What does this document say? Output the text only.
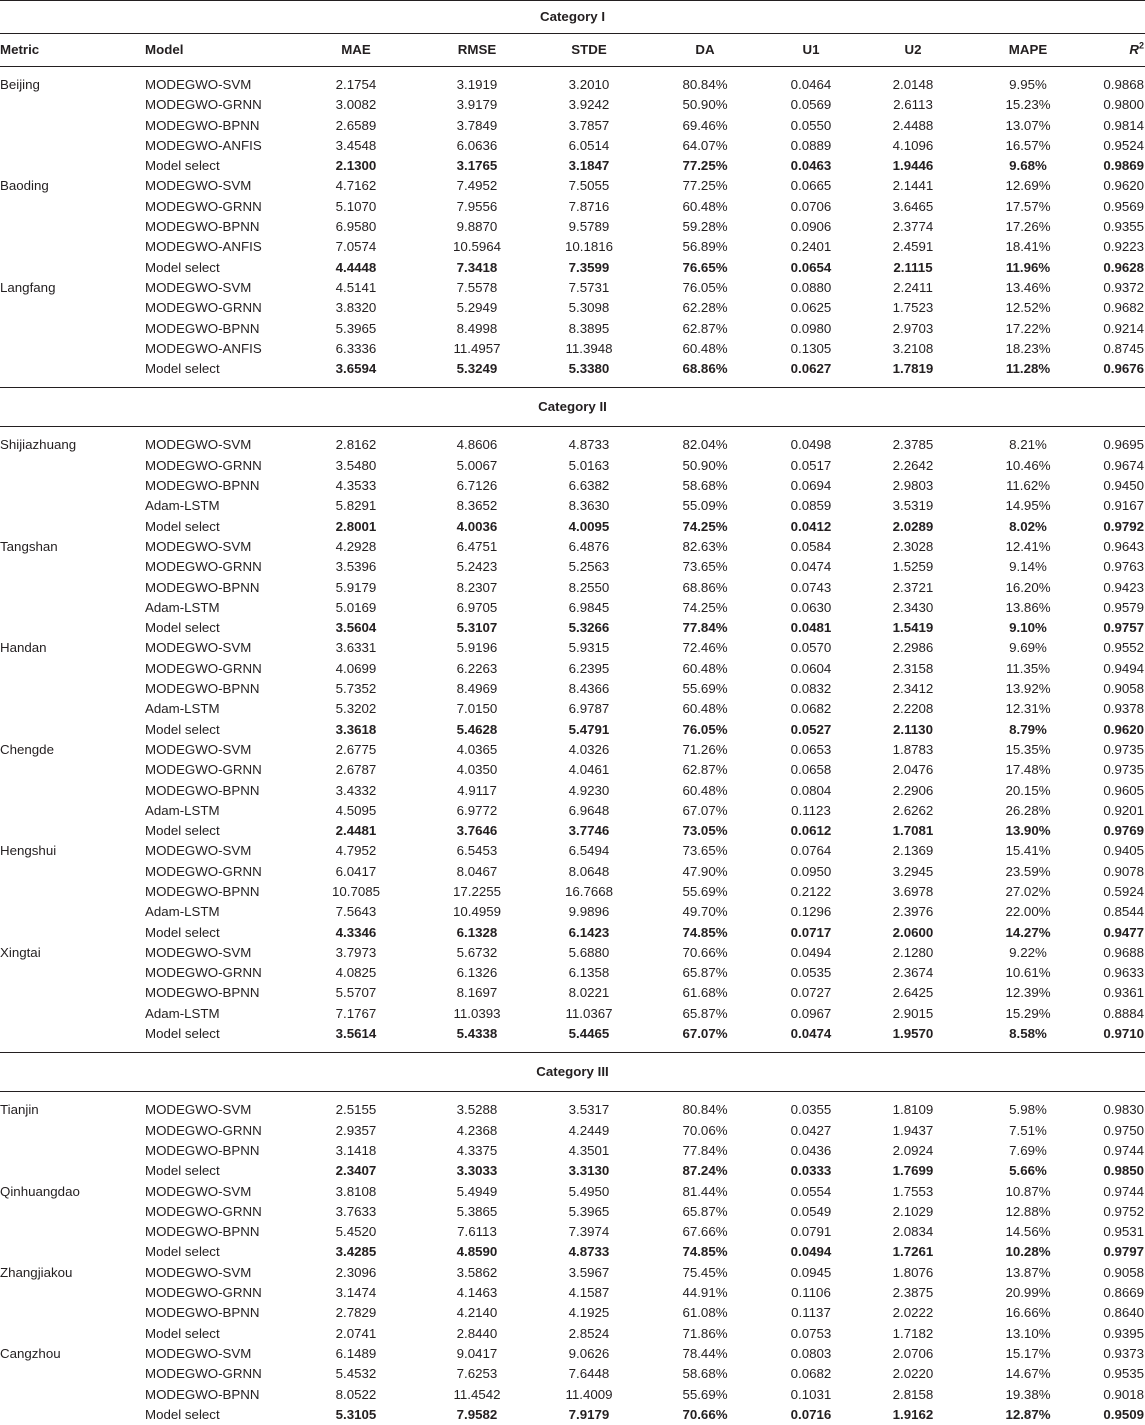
Category I									
Metric	Model	MAE	RMSE	STDE	DA	U1	U2	MAPE	$R^2$

Beijing	MODEGWO-SVM	2.1754	3.1919	3.2010	80.84%	0.0464	2.0148	9.95%	0.9868
	MODEGWO-GRNN	3.0082	3.9179	3.9242	50.90%	0.0569	2.6113	15.23%	0.9800
	MODEGWO-BPNN	2.6589	3.7849	3.7857	69.46%	0.0550	2.4488	13.07%	0.9814
	MODEGWO-ANFIS	3.4548	6.0636	6.0514	64.07%	0.0889	4.1096	16.57%	0.9524
	Model select	2.1300	3.1765	3.1847	77.25%	0.0463	1.9446	9.68%	0.9869
Baoding	MODEGWO-SVM	4.7162	7.4952	7.5055	77.25%	0.0665	2.1441	12.69%	0.9620
	MODEGWO-GRNN	5.1070	7.9556	7.8716	60.48%	0.0706	3.6465	17.57%	0.9569
	MODEGWO-BPNN	6.9580	9.8870	9.5789	59.28%	0.0906	2.3774	17.26%	0.9355
	MODEGWO-ANFIS	7.0574	10.5964	10.1816	56.89%	0.2401	2.4591	18.41%	0.9223
	Model select	4.4448	7.3418	7.3599	76.65%	0.0654	2.1115	11.96%	0.9628
Langfang	MODEGWO-SVM	4.5141	7.5578	7.5731	76.05%	0.0880	2.2411	13.46%	0.9372
	MODEGWO-GRNN	3.8320	5.2949	5.3098	62.28%	0.0625	1.7523	12.52%	0.9682
	MODEGWO-BPNN	5.3965	8.4998	8.3895	62.87%	0.0980	2.9703	17.22%	0.9214
	MODEGWO-ANFIS	6.3336	11.4957	11.3948	60.48%	0.1305	3.2108	18.23%	0.8745
	Model select	3.6594	5.3249	5.3380	68.86%	0.0627	1.7819	11.28%	0.9676

Category II									

Shijiazhuang	MODEGWO-SVM	2.8162	4.8606	4.8733	82.04%	0.0498	2.3785	8.21%	0.9695
	MODEGWO-GRNN	3.5480	5.0067	5.0163	50.90%	0.0517	2.2642	10.46%	0.9674
	MODEGWO-BPNN	4.3533	6.7126	6.6382	58.68%	0.0694	2.9803	11.62%	0.9450
	Adam-LSTM	5.8291	8.3652	8.3630	55.09%	0.0859	3.5319	14.95%	0.9167
	Model select	2.8001	4.0036	4.0095	74.25%	0.0412	2.0289	8.02%	0.9792
Tangshan	MODEGWO-SVM	4.2928	6.4751	6.4876	82.63%	0.0584	2.3028	12.41%	0.9643
	MODEGWO-GRNN	3.5396	5.2423	5.2563	73.65%	0.0474	1.5259	9.14%	0.9763
	MODEGWO-BPNN	5.9179	8.2307	8.2550	68.86%	0.0743	2.3721	16.20%	0.9423
	Adam-LSTM	5.0169	6.9705	6.9845	74.25%	0.0630	2.3430	13.86%	0.9579
	Model select	3.5604	5.3107	5.3266	77.84%	0.0481	1.5419	9.10%	0.9757
Handan	MODEGWO-SVM	3.6331	5.9196	5.9315	72.46%	0.0570	2.2986	9.69%	0.9552
	MODEGWO-GRNN	4.0699	6.2263	6.2395	60.48%	0.0604	2.3158	11.35%	0.9494
	MODEGWO-BPNN	5.7352	8.4969	8.4366	55.69%	0.0832	2.3412	13.92%	0.9058
	Adam-LSTM	5.3202	7.0150	6.9787	60.48%	0.0682	2.2208	12.31%	0.9378
	Model select	3.3618	5.4628	5.4791	76.05%	0.0527	2.1130	8.79%	0.9620
Chengde	MODEGWO-SVM	2.6775	4.0365	4.0326	71.26%	0.0653	1.8783	15.35%	0.9735
	MODEGWO-GRNN	2.6787	4.0350	4.0461	62.87%	0.0658	2.0476	17.48%	0.9735
	MODEGWO-BPNN	3.4332	4.9117	4.9230	60.48%	0.0804	2.2906	20.15%	0.9605
	Adam-LSTM	4.5095	6.9772	6.9648	67.07%	0.1123	2.6262	26.28%	0.9201
	Model select	2.4481	3.7646	3.7746	73.05%	0.0612	1.7081	13.90%	0.9769
Hengshui	MODEGWO-SVM	4.7952	6.5453	6.5494	73.65%	0.0764	2.1369	15.41%	0.9405
	MODEGWO-GRNN	6.0417	8.0467	8.0648	47.90%	0.0950	3.2945	23.59%	0.9078
	MODEGWO-BPNN	10.7085	17.2255	16.7668	55.69%	0.2122	3.6978	27.02%	0.5924
	Adam-LSTM	7.5643	10.4959	9.9896	49.70%	0.1296	2.3976	22.00%	0.8544
	Model select	4.3346	6.1328	6.1423	74.85%	0.0717	2.0600	14.27%	0.9477
Xingtai	MODEGWO-SVM	3.7973	5.6732	5.6880	70.66%	0.0494	2.1280	9.22%	0.9688
	MODEGWO-GRNN	4.0825	6.1326	6.1358	65.87%	0.0535	2.3674	10.61%	0.9633
	MODEGWO-BPNN	5.5707	8.1697	8.0221	61.68%	0.0727	2.6425	12.39%	0.9361
	Adam-LSTM	7.1767	11.0393	11.0367	65.87%	0.0967	2.9015	15.29%	0.8884
	Model select	3.5614	5.4338	5.4465	67.07%	0.0474	1.9570	8.58%	0.9710

Category III									

Tianjin	MODEGWO-SVM	2.5155	3.5288	3.5317	80.84%	0.0355	1.8109	5.98%	0.9830
	MODEGWO-GRNN	2.9357	4.2368	4.2449	70.06%	0.0427	1.9437	7.51%	0.9750
	MODEGWO-BPNN	3.1418	4.3375	4.3501	77.84%	0.0436	2.0924	7.69%	0.9744
	Model select	2.3407	3.3033	3.3130	87.24%	0.0333	1.7699	5.66%	0.9850
Qinhuangdao	MODEGWO-SVM	3.8108	5.4949	5.4950	81.44%	0.0554	1.7553	10.87%	0.9744
	MODEGWO-GRNN	3.7633	5.3865	5.3965	65.87%	0.0549	2.1029	12.88%	0.9752
	MODEGWO-BPNN	5.4520	7.6113	7.3974	67.66%	0.0791	2.0834	14.56%	0.9531
	Model select	3.4285	4.8590	4.8733	74.85%	0.0494	1.7261	10.28%	0.9797
Zhangjiakou	MODEGWO-SVM	2.3096	3.5862	3.5967	75.45%	0.0945	1.8076	13.87%	0.9058
	MODEGWO-GRNN	3.1474	4.1463	4.1587	44.91%	0.1106	2.3875	20.99%	0.8669
	MODEGWO-BPNN	2.7829	4.2140	4.1925	61.08%	0.1137	2.0222	16.66%	0.8640
	Model select	2.0741	2.8440	2.8524	71.86%	0.0753	1.7182	13.10%	0.9395
Cangzhou	MODEGWO-SVM	6.1489	9.0417	9.0626	78.44%	0.0803	2.0706	15.17%	0.9373
	MODEGWO-GRNN	5.4532	7.6253	7.6448	58.68%	0.0682	2.0220	14.67%	0.9535
	MODEGWO-BPNN	8.0522	11.4542	11.4009	55.69%	0.1031	2.8158	19.38%	0.9018
	Model select	5.3105	7.9582	7.9179	70.66%	0.0716	1.9162	12.87%	0.9509
